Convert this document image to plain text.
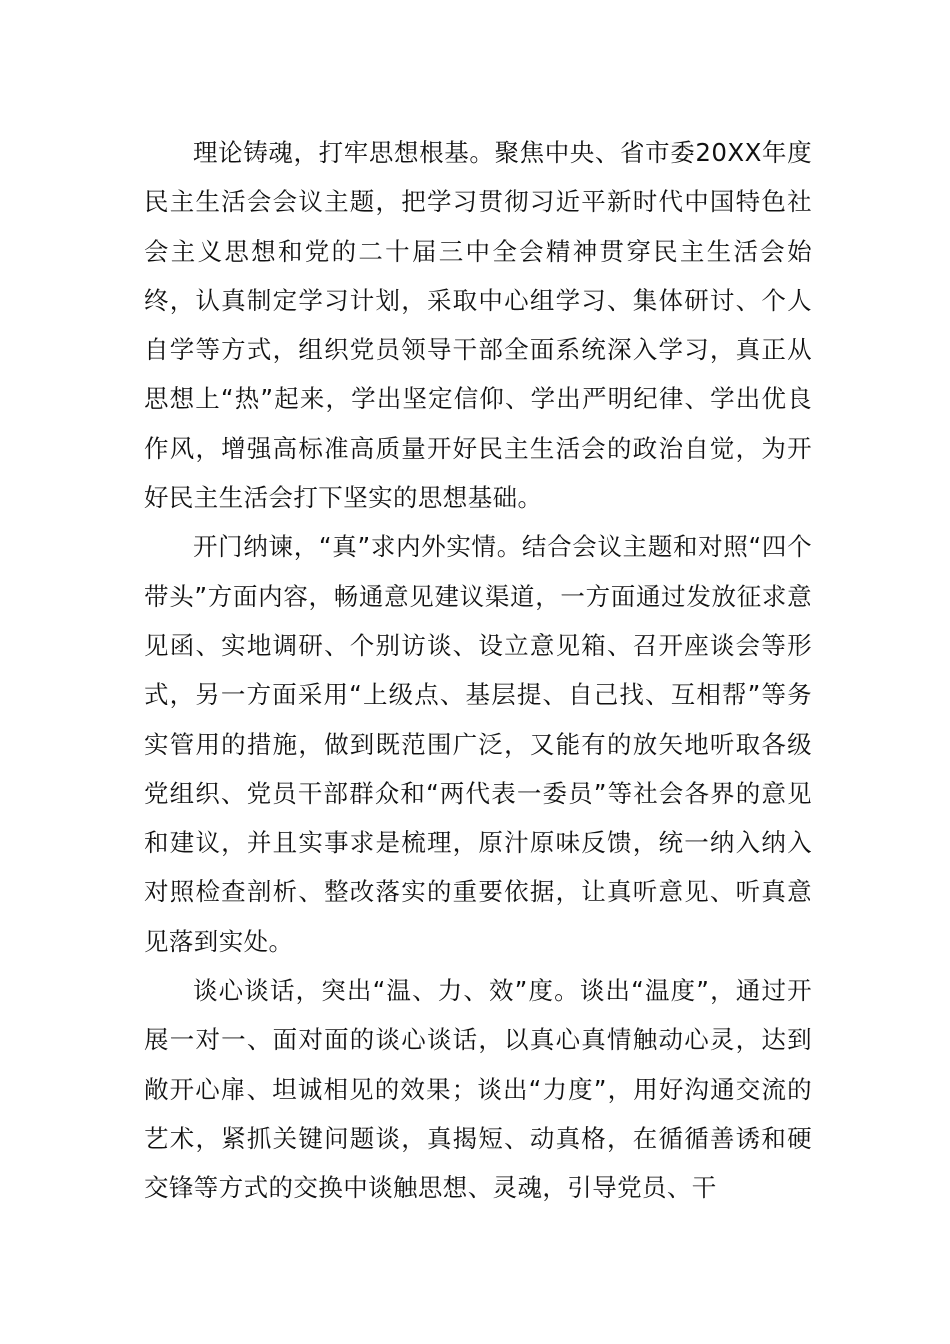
理论铸魂，打牢思想根基。聚焦中央、省市委20XX年度民主生活会会议主题，把学习贯彻习近平新时代中国特色社会主义思想和党的二十届三中全会精神贯穿民主生活会始终，认真制定学习计划，采取中心组学习、集体研讨、个人自学等方式，组织党员领导干部全面系统深入学习，真正从思想上“热”起来，学出坚定信仰、学出严明纪律、学出优良作风，增强高标准高质量开好民主生活会的政治自觉，为开好民主生活会打下坚实的思想基础。

开门纳谏，“真”求内外实情。结合会议主题和对照“四个带头”方面内容，畅通意见建议渠道，一方面通过发放征求意见函、实地调研、个别访谈、设立意见箱、召开座谈会等形式，另一方面采用“上级点、基层提、自己找、互相帮”等务实管用的措施，做到既范围广泛，又能有的放矢地听取各级党组织、党员干部群众和“两代表一委员”等社会各界的意见和建议，并且实事求是梳理，原汁原味反馈，统一纳入纳入对照检查剖析、整改落实的重要依据，让真听意见、听真意见落到实处。

谈心谈话，突出“温、力、效”度。谈出“温度”，通过开展一对一、面对面的谈心谈话，以真心真情触动心灵，达到敞开心扉、坦诚相见的效果；谈出“力度”，用好沟通交流的艺术，紧抓关键问题谈，真揭短、动真格，在循循善诱和硬交锋等方式的交换中谈触思想、灵魂，引导党员、干
